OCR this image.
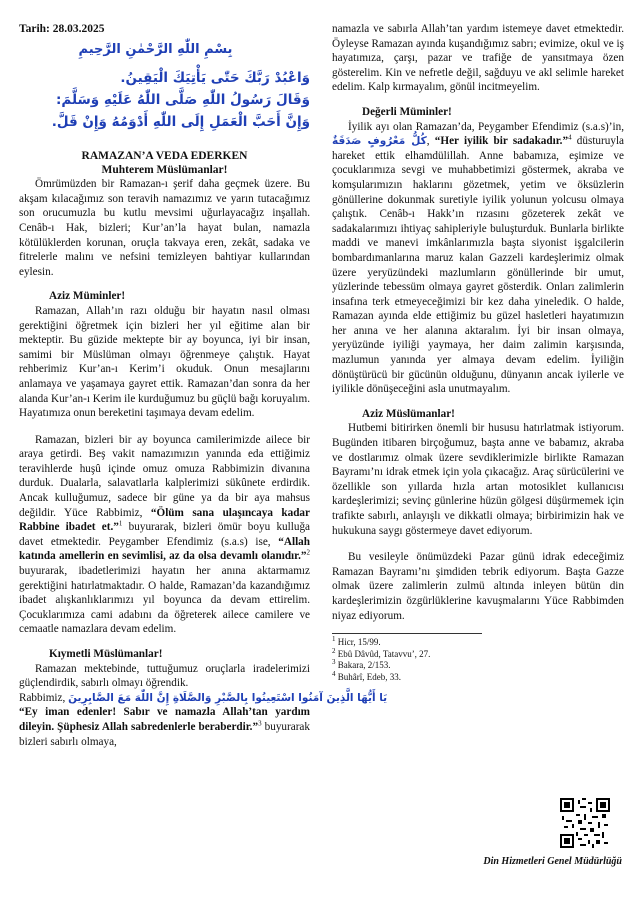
Tarih: 28.03.2025
بِسْمِ اللّٰهِ الرَّحْمٰنِ الرَّحِيمِ
وَاعْبُدْ رَبَّكَ حَتّٰى يَأْتِيَكَ الْيَقِينُ.
وَقَالَ رَسُولُ اللّٰهِ صَلَّى اللّٰهُ عَلَيْهِ وَسَلَّمَ:
وَإِنَّ أَحَبَّ الْعَمَلِ إِلَى اللّٰهِ أَدْوَمُهُ وَإِنْ قَلَّ.
RAMAZAN’A VEDA EDERKEN
Muhterem Müslümanlar!

Ömrümüzden bir Ramazan-ı şerif daha geçmek üzere. Bu akşam kılacağımız son teravih namazımız ve yarın tutacağımız son orucumuzla bu kutlu mevsimi uğurlayacağız inşallah. Cenâb-ı Hak, bizleri; Kur’an’la hayat bulan, namazla kötülüklerden korunan, oruçla takvaya eren, zekât, sadaka ve fitrelerle malını ve nefsini temizleyen bahtiyar kullarından eylesin.

Aziz Müminler!

Ramazan, Allah’ın razı olduğu bir hayatın nasıl olması gerektiğini öğretmek için bizleri her yıl eğitime alan bir mekteptir. Bu güzide mektepte bir ay boyunca, iyi bir insan, samimi bir Müslüman olmayı öğrenmeye çalıştık. Hayat rehberimiz Kur’an-ı Kerim’i okuduk. Onun mesajlarını anlamaya ve yaşamaya gayret ettik. Ramazan’dan sonra da her alanda Kur’an-ı Kerim ile kurduğumuz bu güçlü bağı koruyalım. Hayatımıza onun bereketini taşımaya devam edelim.

Ramazan, bizleri bir ay boyunca camilerimizde ailece bir araya getirdi. Beş vakit namazımızın yanında eda ettiğimiz teravihlerde huşû içinde omuz omuza Rabbimizin divanına durduk. Dualarla, salavatlarla kalplerimizi sükûnete erdirdik. Ancak kulluğumuz, sadece bir güne ya da bir aya mahsus değildir. Yüce Rabbimiz, “Ölüm sana ulaşıncaya kadar Rabbine ibadet et.”$^1$ buyurarak, bizleri ömür boyu kulluğa davet etmektedir. Peygamber Efendimiz (s.a.s) ise, “Allah katında amellerin en sevimlisi, az da olsa devamlı olanıdır.”$^2$ buyurarak, ibadetlerimizi hayatın her anına aktarmamız gerektiğini hatırlatmaktadır. O halde, Ramazan’da kazandığımız ibadet alışkanlıklarımızı yıl boyunca da devam ettirelim. Çocuklarımıza cami adabını da öğreterek ailece camilere ve cemaatle namazlara devam edelim.

Kıymetli Müslümanlar!

Ramazan mektebinde, tuttuğumuz oruçlarla iradelerimizi güçlendirdik, sabırlı olmayı öğrendik.

Rabbimiz, يَا أَيُّهَا الَّذِينَ آمَنُوا اسْتَعِينُوا بِالصَّبْرِ وَالصَّلَاةِ إِنَّ اللّٰهَ مَعَ الصَّابِرِينَ

“Ey iman edenler! Sabır ve namazla Allah’tan yardım dileyin. Şüphesiz Allah sabredenlerle beraberdir.”$^3$ buyurarak bizleri sabırlı olmaya,

namazla ve sabırla Allah’tan yardım istemeye davet etmektedir. Öyleyse Ramazan ayında kuşandığımız sabrı; evimize, okul ve iş hayatımıza, çarşı, pazar ve trafiğe de yansıtmaya özen gösterelim. Kin ve nefretle değil, sağduyu ve akl selimle hareket edelim. Kalp kırmayalım, gönül incitmeyelim.

Değerli Müminler!

İyilik ayı olan Ramazan’da, Peygamber Efendimiz (s.a.s)’in, كُلُّ مَعْرُوفٍ صَدَقَةٌ, “Her iyilik bir sadakadır.”$^4$ düsturuyla hareket ettik elhamdülillah. Anne babamıza, eşimize ve çocuklarımıza sevgi ve muhabbetimizi göstermek, akraba ve komşularımızın haklarını gözetmek, yetim ve öksüzlerin gönüllerine dokunmak suretiyle iyilik yolunun yolcusu olmaya çalıştık. Cenâb-ı Hakk’ın rızasını gözeterek zekât ve sadakalarımızı ihtiyaç sahipleriyle buluşturduk. Bunlarla birlikte maddi ve manevi imkânlarımızla başta siyonist işgalcilerin bombardımanlarına maruz kalan Gazzeli kardeşlerimiz olmak üzere yeryüzündeki mazlumların gönüllerinde bir umut, yüzlerinde tebessüm olmaya gayret gösterdik. Onları zalimlerin insafına terk etmeyeceğimizi bir kez daha yineledik. O halde, Ramazan ayında elde ettiğimiz bu güzel hasletleri hayatımızın her anına ve her alanına aktaralım. İyi bir insan olmaya, yeryüzünde iyiliği yaymaya, her daim zalimin karşısında, mazlumun yanında yer almaya devam edelim. İyiliğin dönüştürücü bir gücünün olduğunu, dünyanın ancak iyilerle ve iyilikle dönüşeceğini asla unutmayalım.

Aziz Müslümanlar!

Hutbemi bitirirken önemli bir hususu hatırlatmak istiyorum. Bugünden itibaren birçoğumuz, başta anne ve babamız, akraba ve dostlarımız olmak üzere sevdiklerimizle birlikte Ramazan Bayramı’nı idrak etmek için yola çıkacağız. Araç sürücülerini ve özellikle son yıllarda hızla artan motosiklet kullanıcısı kardeşlerimizi; sevinç günlerine hüzün gölgesi düşürmemek için trafikte sabırlı, anlayışlı ve dikkatli olmaya; birbirimizin hak ve hukukuna saygı göstermeye davet ediyorum.

Bu vesileyle önümüzdeki Pazar günü idrak edeceğimiz Ramazan Bayramı’nı şimdiden tebrik ediyorum. Başta Gazze olmak üzere zalimlerin zulmü altında inleyen bütün din kardeşlerimizin özgürlüklerine kavuşmalarını Yüce Rabbimden niyaz ediyorum.

$^1$ Hicr, 15/99.
$^2$ Ebû Dâvûd, Tatavvu’, 27.
$^3$ Bakara, 2/153.
$^4$ Buhârî, Edeb, 33.
Din Hizmetleri Genel Müdürlüğü
